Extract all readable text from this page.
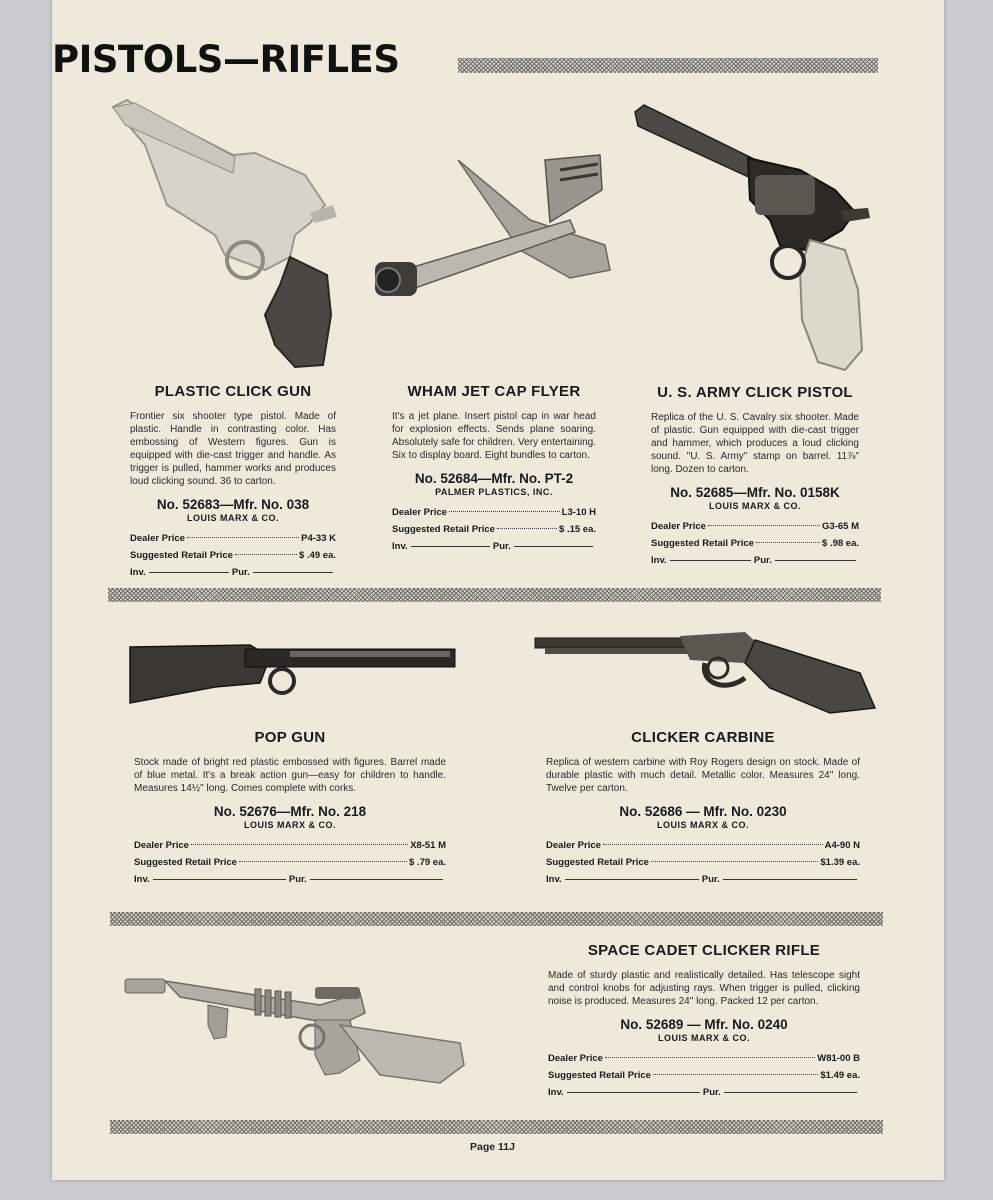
PISTOLS—RIFLES
PLASTIC CLICK GUN
Frontier six shooter type pistol. Made of plastic. Handle in contrasting color. Has embossing of Western figures. Gun is equipped with die-cast trigger and handle. As trigger is pulled, hammer works and produces loud clicking sound. 36 to carton.
No. 52683—Mfr. No. 038
LOUIS MARX & CO.
Dealer Price	P4-33 K
Suggested Retail Price	$ .49 ea.
Inv.	Pur.
WHAM JET CAP FLYER
It's a jet plane. Insert pistol cap in war head for explosion effects. Sends plane soaring. Absolutely safe for children. Very entertaining. Six to display board. Eight bundles to carton.
No. 52684—Mfr. No. PT-2
PALMER PLASTICS, INC.
Dealer Price	L3-10 H
Suggested Retail Price	$ .15 ea.
Inv.	Pur.
U. S. ARMY CLICK PISTOL
Replica of the U. S. Cavalry six shooter. Made of plastic. Gun equipped with die-cast trigger and hammer, which produces a loud clicking sound. "U. S. Army" stamp on barrel. 11⅞" long. Dozen to carton.
No. 52685—Mfr. No. 0158K
LOUIS MARX & CO.
Dealer Price	G3-65 M
Suggested Retail Price	$ .98 ea.
Inv.	Pur.
POP GUN
Stock made of bright red plastic embossed with figures. Barrel made of blue metal. It's a break action gun—easy for children to handle. Measures 14½" long. Comes complete with corks.
No. 52676—Mfr. No. 218
LOUIS MARX & CO.
Dealer Price	X8-51 M
Suggested Retail Price	$ .79 ea.
Inv.	Pur.
CLICKER CARBINE
Replica of western carbine with Roy Rogers design on stock. Made of durable plastic with much detail. Metallic color. Measures 24" long. Twelve per carton.
No. 52686 — Mfr. No. 0230
LOUIS MARX & CO.
Dealer Price	A4-90 N
Suggested Retail Price	$1.39 ea.
Inv.	Pur.
SPACE CADET CLICKER RIFLE
Made of sturdy plastic and realistically detailed. Has telescope sight and control knobs for adjusting rays. When trigger is pulled, clicking noise is produced. Measures 24" long. Packed 12 per carton.
No. 52689 — Mfr. No. 0240
LOUIS MARX & CO.
Dealer Price	W81-00 B
Suggested Retail Price	$1.49 ea.
Inv.	Pur.
Page 11J
